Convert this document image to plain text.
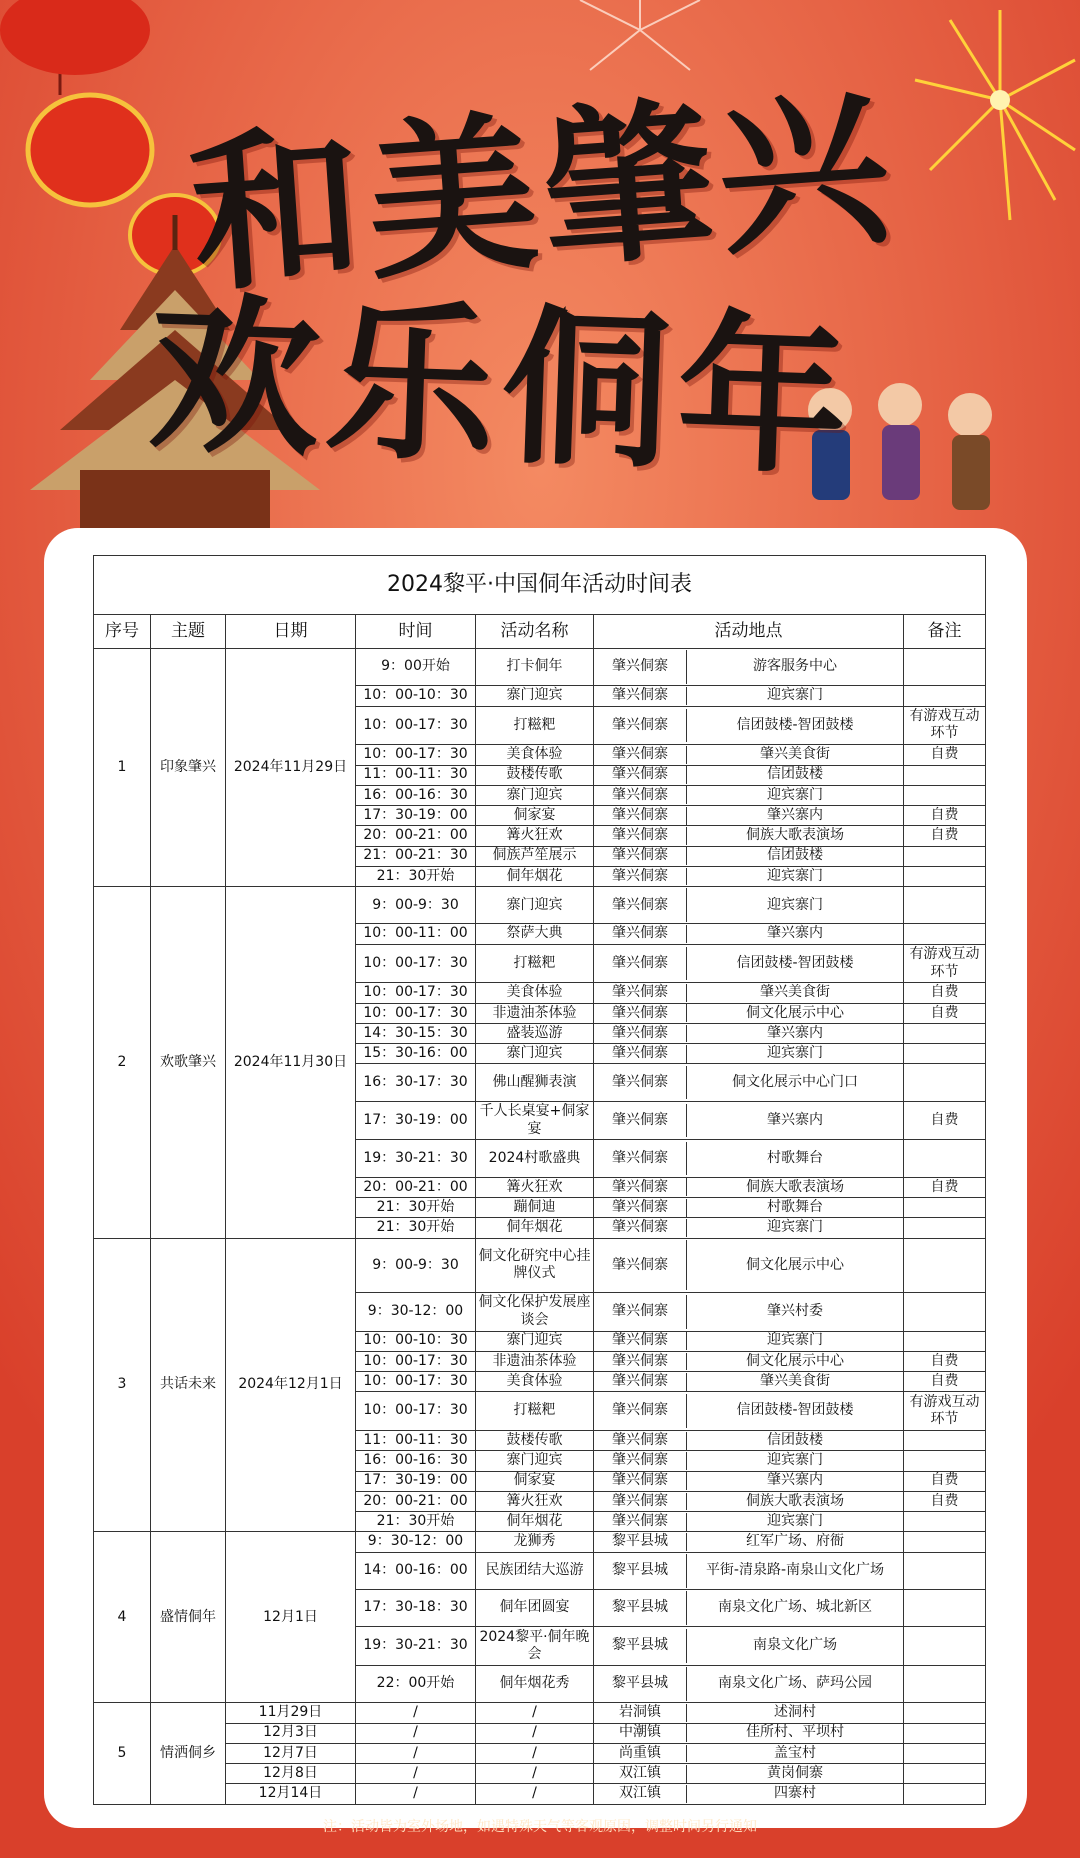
和美肇兴
欢乐侗年
2024黎平·中国侗年活动时间表						
序号	主题	日期	时间	活动名称	活动地点	备注
1	印象肇兴	2024年11月29日	9：00开始	打卡侗年	肇兴侗寨 游客服务中心	

			10：00-10：30	寨门迎宾	肇兴侗寨 迎宾寨门	

			10：00-17：30	打糍粑	肇兴侗寨 信团鼓楼-智团鼓楼	有游戏互动环节
			10：00-17：30	美食体验	肇兴侗寨 肇兴美食街	自费
			11：00-11：30	鼓楼传歌	肇兴侗寨 信团鼓楼	

			16：00-16：30	寨门迎宾	肇兴侗寨 迎宾寨门	

			17：30-19：00	侗家宴	肇兴侗寨 肇兴寨内	自费
			20：00-21：00	篝火狂欢	肇兴侗寨 侗族大歌表演场	自费
			21：00-21：30	侗族芦笙展示	肇兴侗寨 信团鼓楼	

			21：30开始	侗年烟花	肇兴侗寨 迎宾寨门	

2	欢歌肇兴	2024年11月30日	9：00-9：30	寨门迎宾	肇兴侗寨 迎宾寨门	

			10：00-11：00	祭萨大典	肇兴侗寨 肇兴寨内	

			10：00-17：30	打糍粑	肇兴侗寨 信团鼓楼-智团鼓楼	有游戏互动环节
			10：00-17：30	美食体验	肇兴侗寨 肇兴美食街	自费
			10：00-17：30	非遗油茶体验	肇兴侗寨 侗文化展示中心	自费
			14：30-15：30	盛装巡游	肇兴侗寨 肇兴寨内	

			15：30-16：00	寨门迎宾	肇兴侗寨 迎宾寨门	

			16：30-17：30	佛山醒狮表演	肇兴侗寨 侗文化展示中心门口	

			17：30-19：00	千人长桌宴+侗家宴	肇兴侗寨 肇兴寨内	自费
			19：30-21：30	2024村歌盛典	肇兴侗寨 村歌舞台	

			20：00-21：00	篝火狂欢	肇兴侗寨 侗族大歌表演场	自费
			21：30开始	蹦侗迪	肇兴侗寨 村歌舞台	

			21：30开始	侗年烟花	肇兴侗寨 迎宾寨门	

3	共话未来	2024年12月1日	9：00-9：30	侗文化研究中心挂牌仪式	肇兴侗寨 侗文化展示中心	

			9：30-12：00	侗文化保护发展座谈会	肇兴侗寨 肇兴村委	

			10：00-10：30	寨门迎宾	肇兴侗寨 迎宾寨门	

			10：00-17：30	非遗油茶体验	肇兴侗寨 侗文化展示中心	自费
			10：00-17：30	美食体验	肇兴侗寨 肇兴美食街	自费
			10：00-17：30	打糍粑	肇兴侗寨 信团鼓楼-智团鼓楼	有游戏互动环节
			11：00-11：30	鼓楼传歌	肇兴侗寨 信团鼓楼	

			16：00-16：30	寨门迎宾	肇兴侗寨 迎宾寨门	

			17：30-19：00	侗家宴	肇兴侗寨 肇兴寨内	自费
			20：00-21：00	篝火狂欢	肇兴侗寨 侗族大歌表演场	自费
			21：30开始	侗年烟花	肇兴侗寨 迎宾寨门	

4	盛情侗年	12月1日	9：30-12：00	龙狮秀	黎平县城 红军广场、府衙	

			14：00-16：00	民族团结大巡游	黎平县城 平街-清泉路-南泉山文化广场	

			17：30-18：30	侗年团圆宴	黎平县城 南泉文化广场、城北新区	

			19：30-21：30	2024黎平·侗年晚会	黎平县城 南泉文化广场	

			22：00开始	侗年烟花秀	黎平县城 南泉文化广场、萨玛公园	

5	情洒侗乡	11月29日	/	/	岩洞镇 述洞村	

		12月3日	/	/	中潮镇 佳所村、平坝村	

		12月7日	/	/	尚重镇 盖宝村	

		12月8日	/	/	双江镇 黄岗侗寨	

		12月14日	/	/	双江镇 四寨村	

注：活动皆为室外场地，如遇特殊天气等客观原因，调整时间另行通知
